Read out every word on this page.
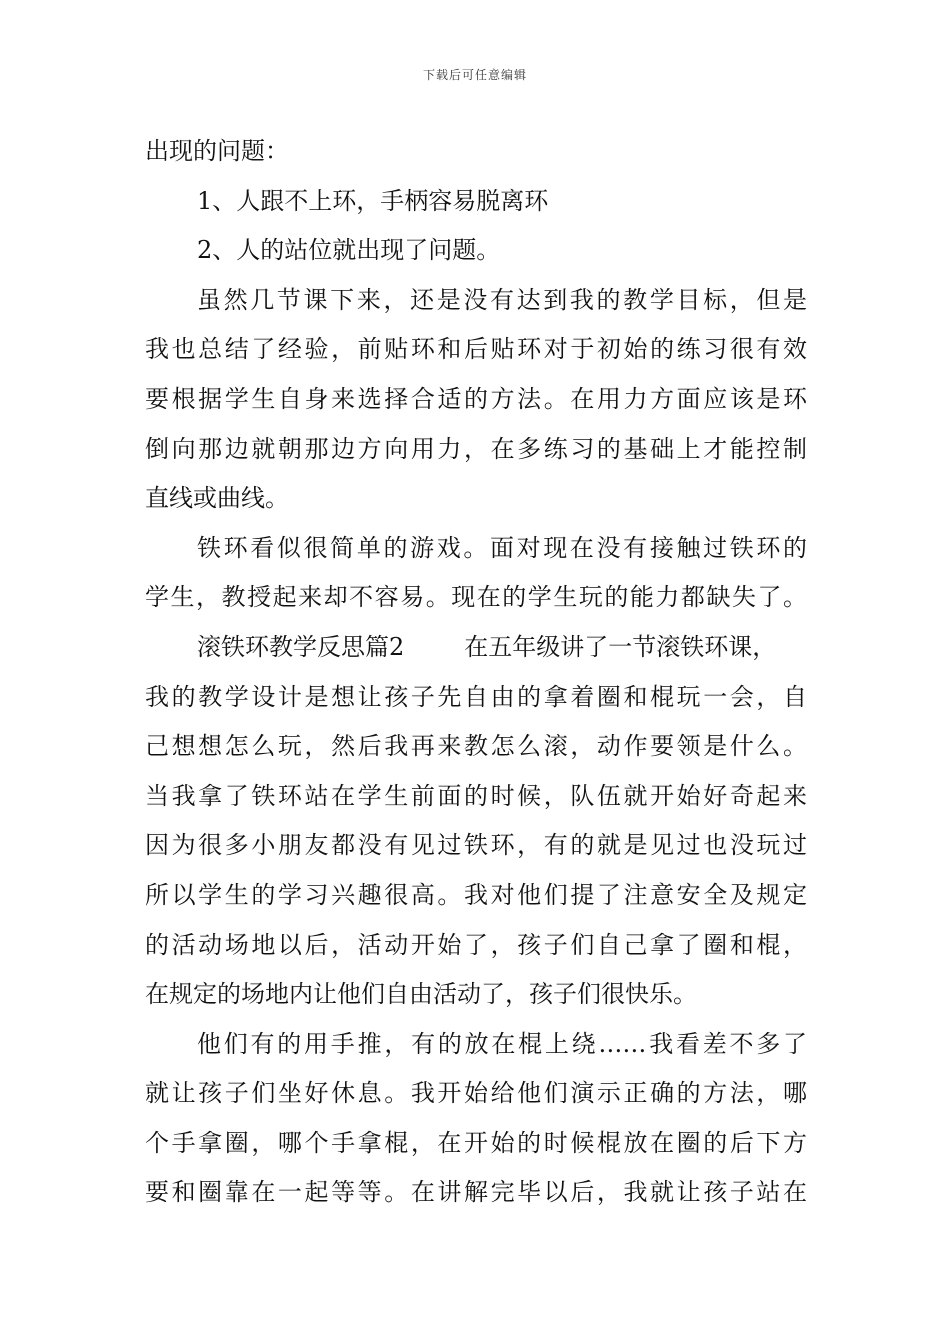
下载后可任意编辑
出现的问题：
1、人跟不上环，手柄容易脱离环
2、人的站位就出现了问题。
虽然几节课下来，还是没有达到我的教学目标，但是
我也总结了经验，前贴环和后贴环对于初始的练习很有效
要根据学生自身来选择合适的方法。在用力方面应该是环
倒向那边就朝那边方向用力，在多练习的基础上才能控制
直线或曲线。
铁环看似很简单的游戏。面对现在没有接触过铁环的
学生，教授起来却不容易。现在的学生玩的能力都缺失了。
滚铁环教学反思篇2	在五年级讲了一节滚铁环课，
我的教学设计是想让孩子先自由的拿着圈和棍玩一会，自
己想想怎么玩，然后我再来教怎么滚，动作要领是什么。
当我拿了铁环站在学生前面的时候，队伍就开始好奇起来
因为很多小朋友都没有见过铁环，有的就是见过也没玩过
所以学生的学习兴趣很高。我对他们提了注意安全及规定
的活动场地以后，活动开始了，孩子们自己拿了圈和棍，
在规定的场地内让他们自由活动了，孩子们很快乐。
他们有的用手推，有的放在棍上绕……我看差不多了
就让孩子们坐好休息。我开始给他们演示正确的方法，哪
个手拿圈，哪个手拿棍，在开始的时候棍放在圈的后下方
要和圈靠在一起等等。在讲解完毕以后，我就让孩子站在
